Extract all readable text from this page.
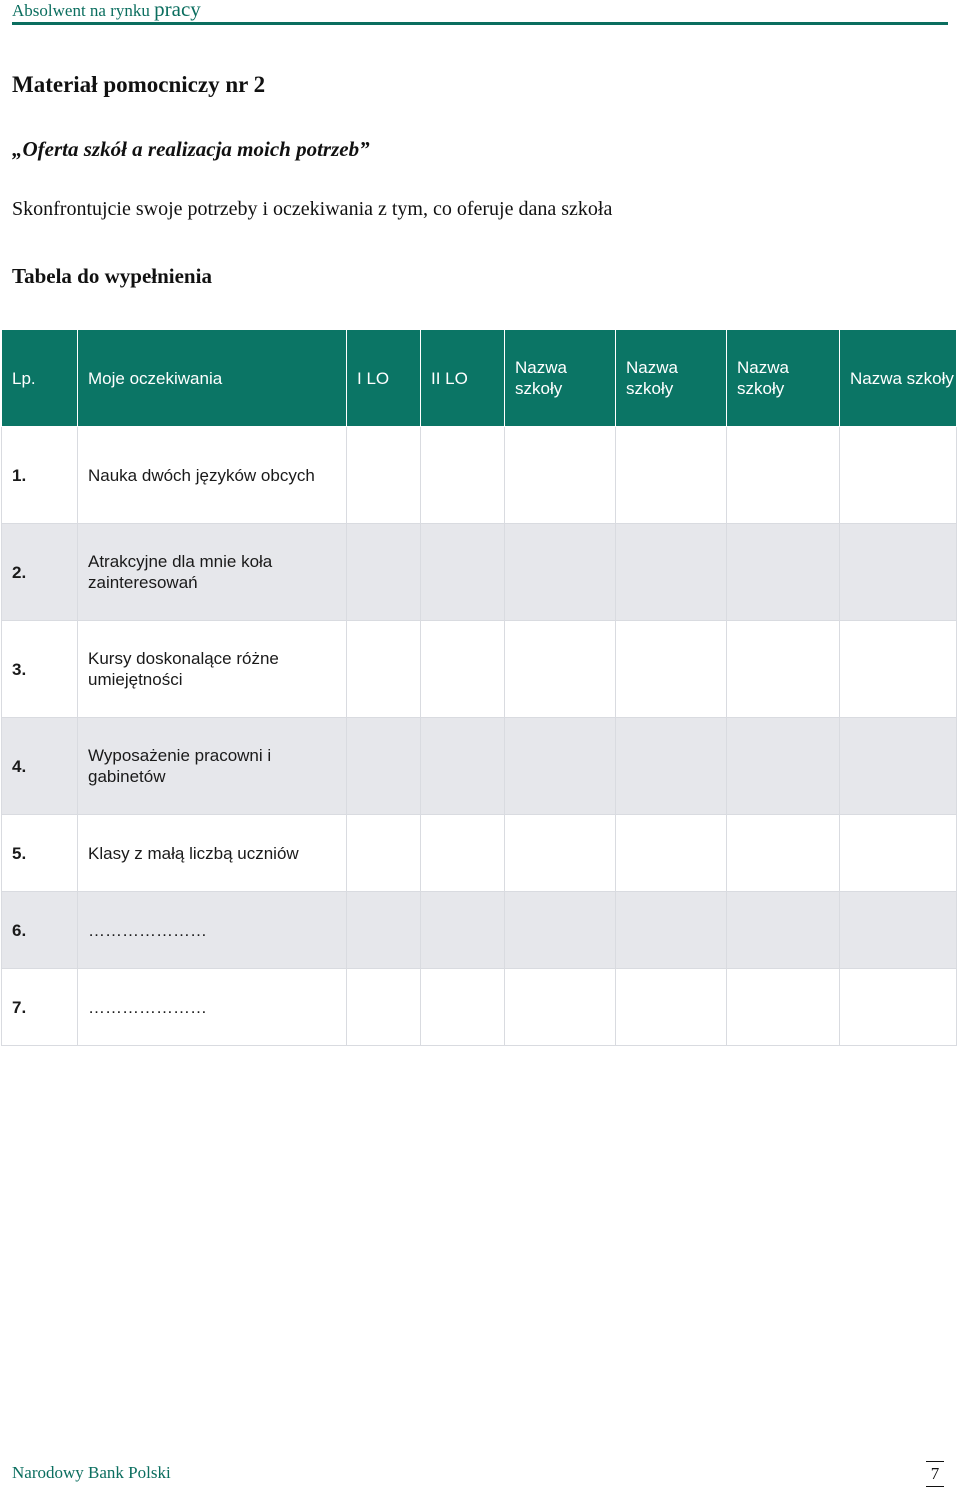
Absolwent na rynku pracy
Materiał pomocniczy nr 2
„Oferta szkół a realizacja moich potrzeb”
Skonfrontujcie swoje potrzeby i oczekiwania z tym, co oferuje dana szkoła
Tabela do wypełnienia
Lp.	Moje oczekiwania	I LO	II LO	Nazwa szkoły	Nazwa szkoły	Nazwa szkoły	Nazwa szkoły
1.	Nauka dwóch języków obcych						
2.	Atrakcyjne dla mnie koła zainteresowań						
3.	Kursy doskonalące różne umiejętności						
4.	Wyposażenie pracowni i gabinetów						
5.	Klasy z małą liczbą uczniów						
6.	…………………						
7.	…………………						
Narodowy Bank Polski	7
